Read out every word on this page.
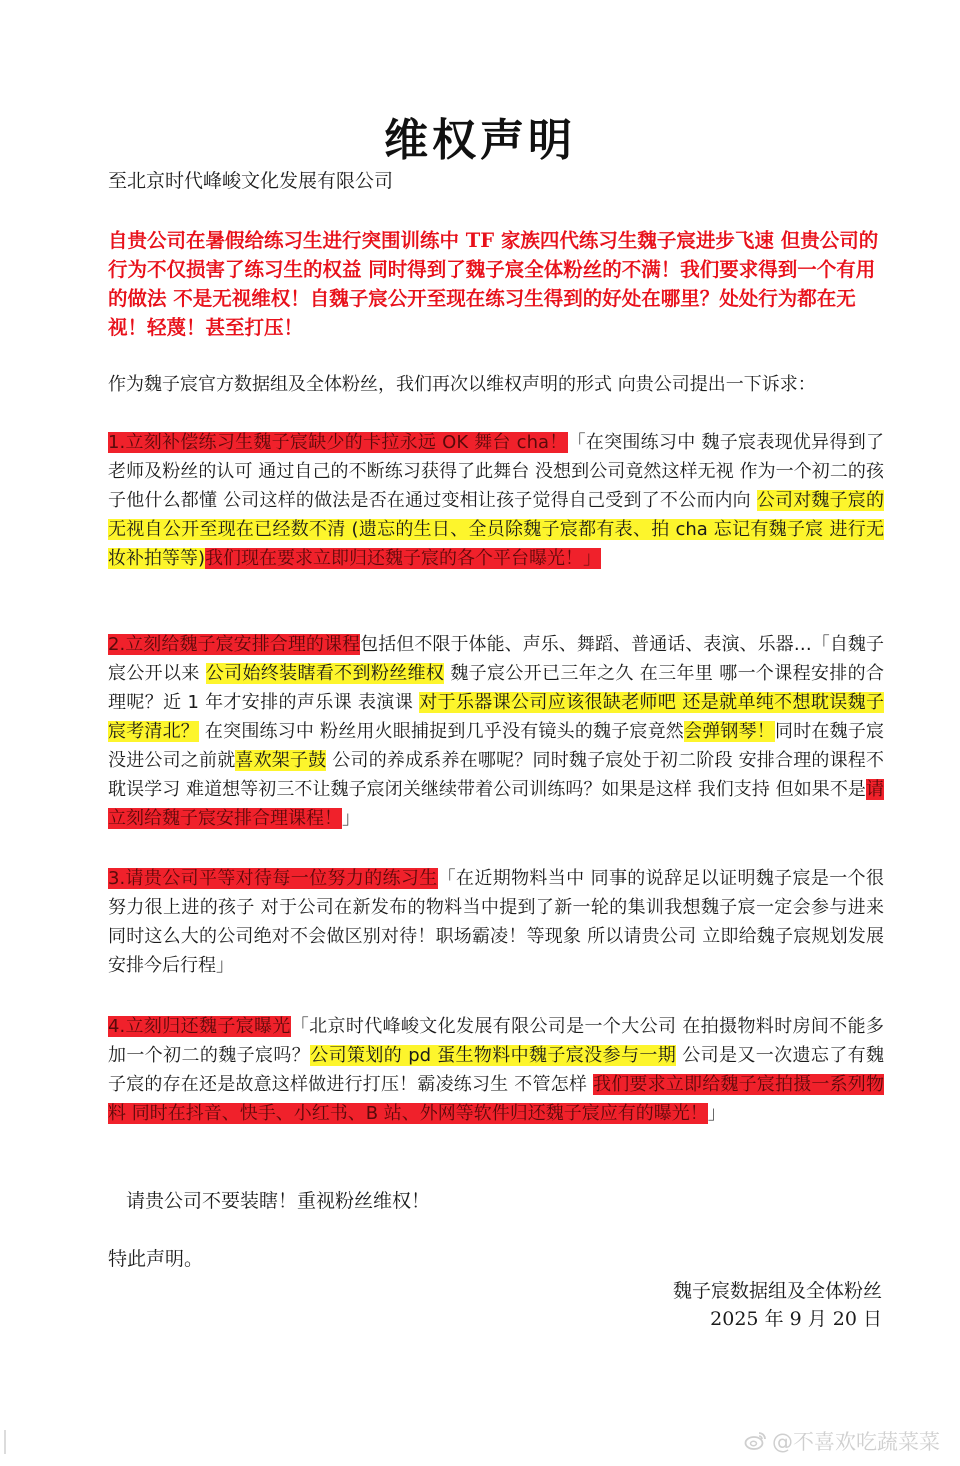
维权声明
至北京时代峰峻文化发展有限公司
自贵公司在暑假给练习生进行突围训练中 TF 家族四代练习生魏子宸进步飞速 但贵公司的行为不仅损害了练习生的权益 同时得到了魏子宸全体粉丝的不满！我们要求得到一个有用的做法 不是无视维权！自魏子宸公开至现在练习生得到的好处在哪里？处处行为都在无视！轻蔑！甚至打压！
作为魏子宸官方数据组及全体粉丝，我们再次以维权声明的形式 向贵公司提出一下诉求：
1.立刻补偿练习生魏子宸缺少的卡拉永远 OK 舞台 cha！「在突围练习中 魏子宸表现优异得到了老师及粉丝的认可 通过自己的不断练习获得了此舞台 没想到公司竟然这样无视 作为一个初二的孩子他什么都懂 公司这样的做法是否在通过变相让孩子觉得自己受到了不公而内向 公司对魏子宸的无视自公开至现在已经数不清 (遗忘的生日、全员除魏子宸都有表、拍 cha 忘记有魏子宸 进行无妆补拍等等)我们现在要求立即归还魏子宸的各个平台曝光！」
2.立刻给魏子宸安排合理的课程包括但不限于体能、声乐、舞蹈、普通话、表演、乐器…「自魏子宸公开以来 公司始终装瞎看不到粉丝维权 魏子宸公开已三年之久 在三年里 哪一个课程安排的合理呢？近 1 年才安排的声乐课 表演课 对于乐器课公司应该很缺老师吧 还是就单纯不想耽误魏子宸考清北？ 在突围练习中 粉丝用火眼捕捉到几乎没有镜头的魏子宸竟然会弹钢琴！同时在魏子宸没进公司之前就喜欢架子鼓 公司的养成系养在哪呢？同时魏子宸处于初二阶段 安排合理的课程不耽误学习 难道想等初三不让魏子宸闭关继续带着公司训练吗？如果是这样 我们支持 但如果不是请立刻给魏子宸安排合理课程！」
3.请贵公司平等对待每一位努力的练习生「在近期物料当中 同事的说辞足以证明魏子宸是一个很努力很上进的孩子 对于公司在新发布的物料当中提到了新一轮的集训我想魏子宸一定会参与进来同时这么大的公司绝对不会做区别对待！职场霸凌！等现象 所以请贵公司 立即给魏子宸规划发展安排今后行程」
4.立刻归还魏子宸曝光「北京时代峰峻文化发展有限公司是一个大公司 在拍摄物料时房间不能多加一个初二的魏子宸吗？公司策划的 pd 蛋生物料中魏子宸没参与一期 公司是又一次遗忘了有魏子宸的存在还是故意这样做进行打压！霸凌练习生 不管怎样 我们要求立即给魏子宸拍摄一系列物料 同时在抖音、快手、小红书、B 站、外网等软件归还魏子宸应有的曝光！」
请贵公司不要装瞎！重视粉丝维权！
特此声明。
魏子宸数据组及全体粉丝
2025 年 9 月 20 日
@不喜欢吃蔬菜菜
